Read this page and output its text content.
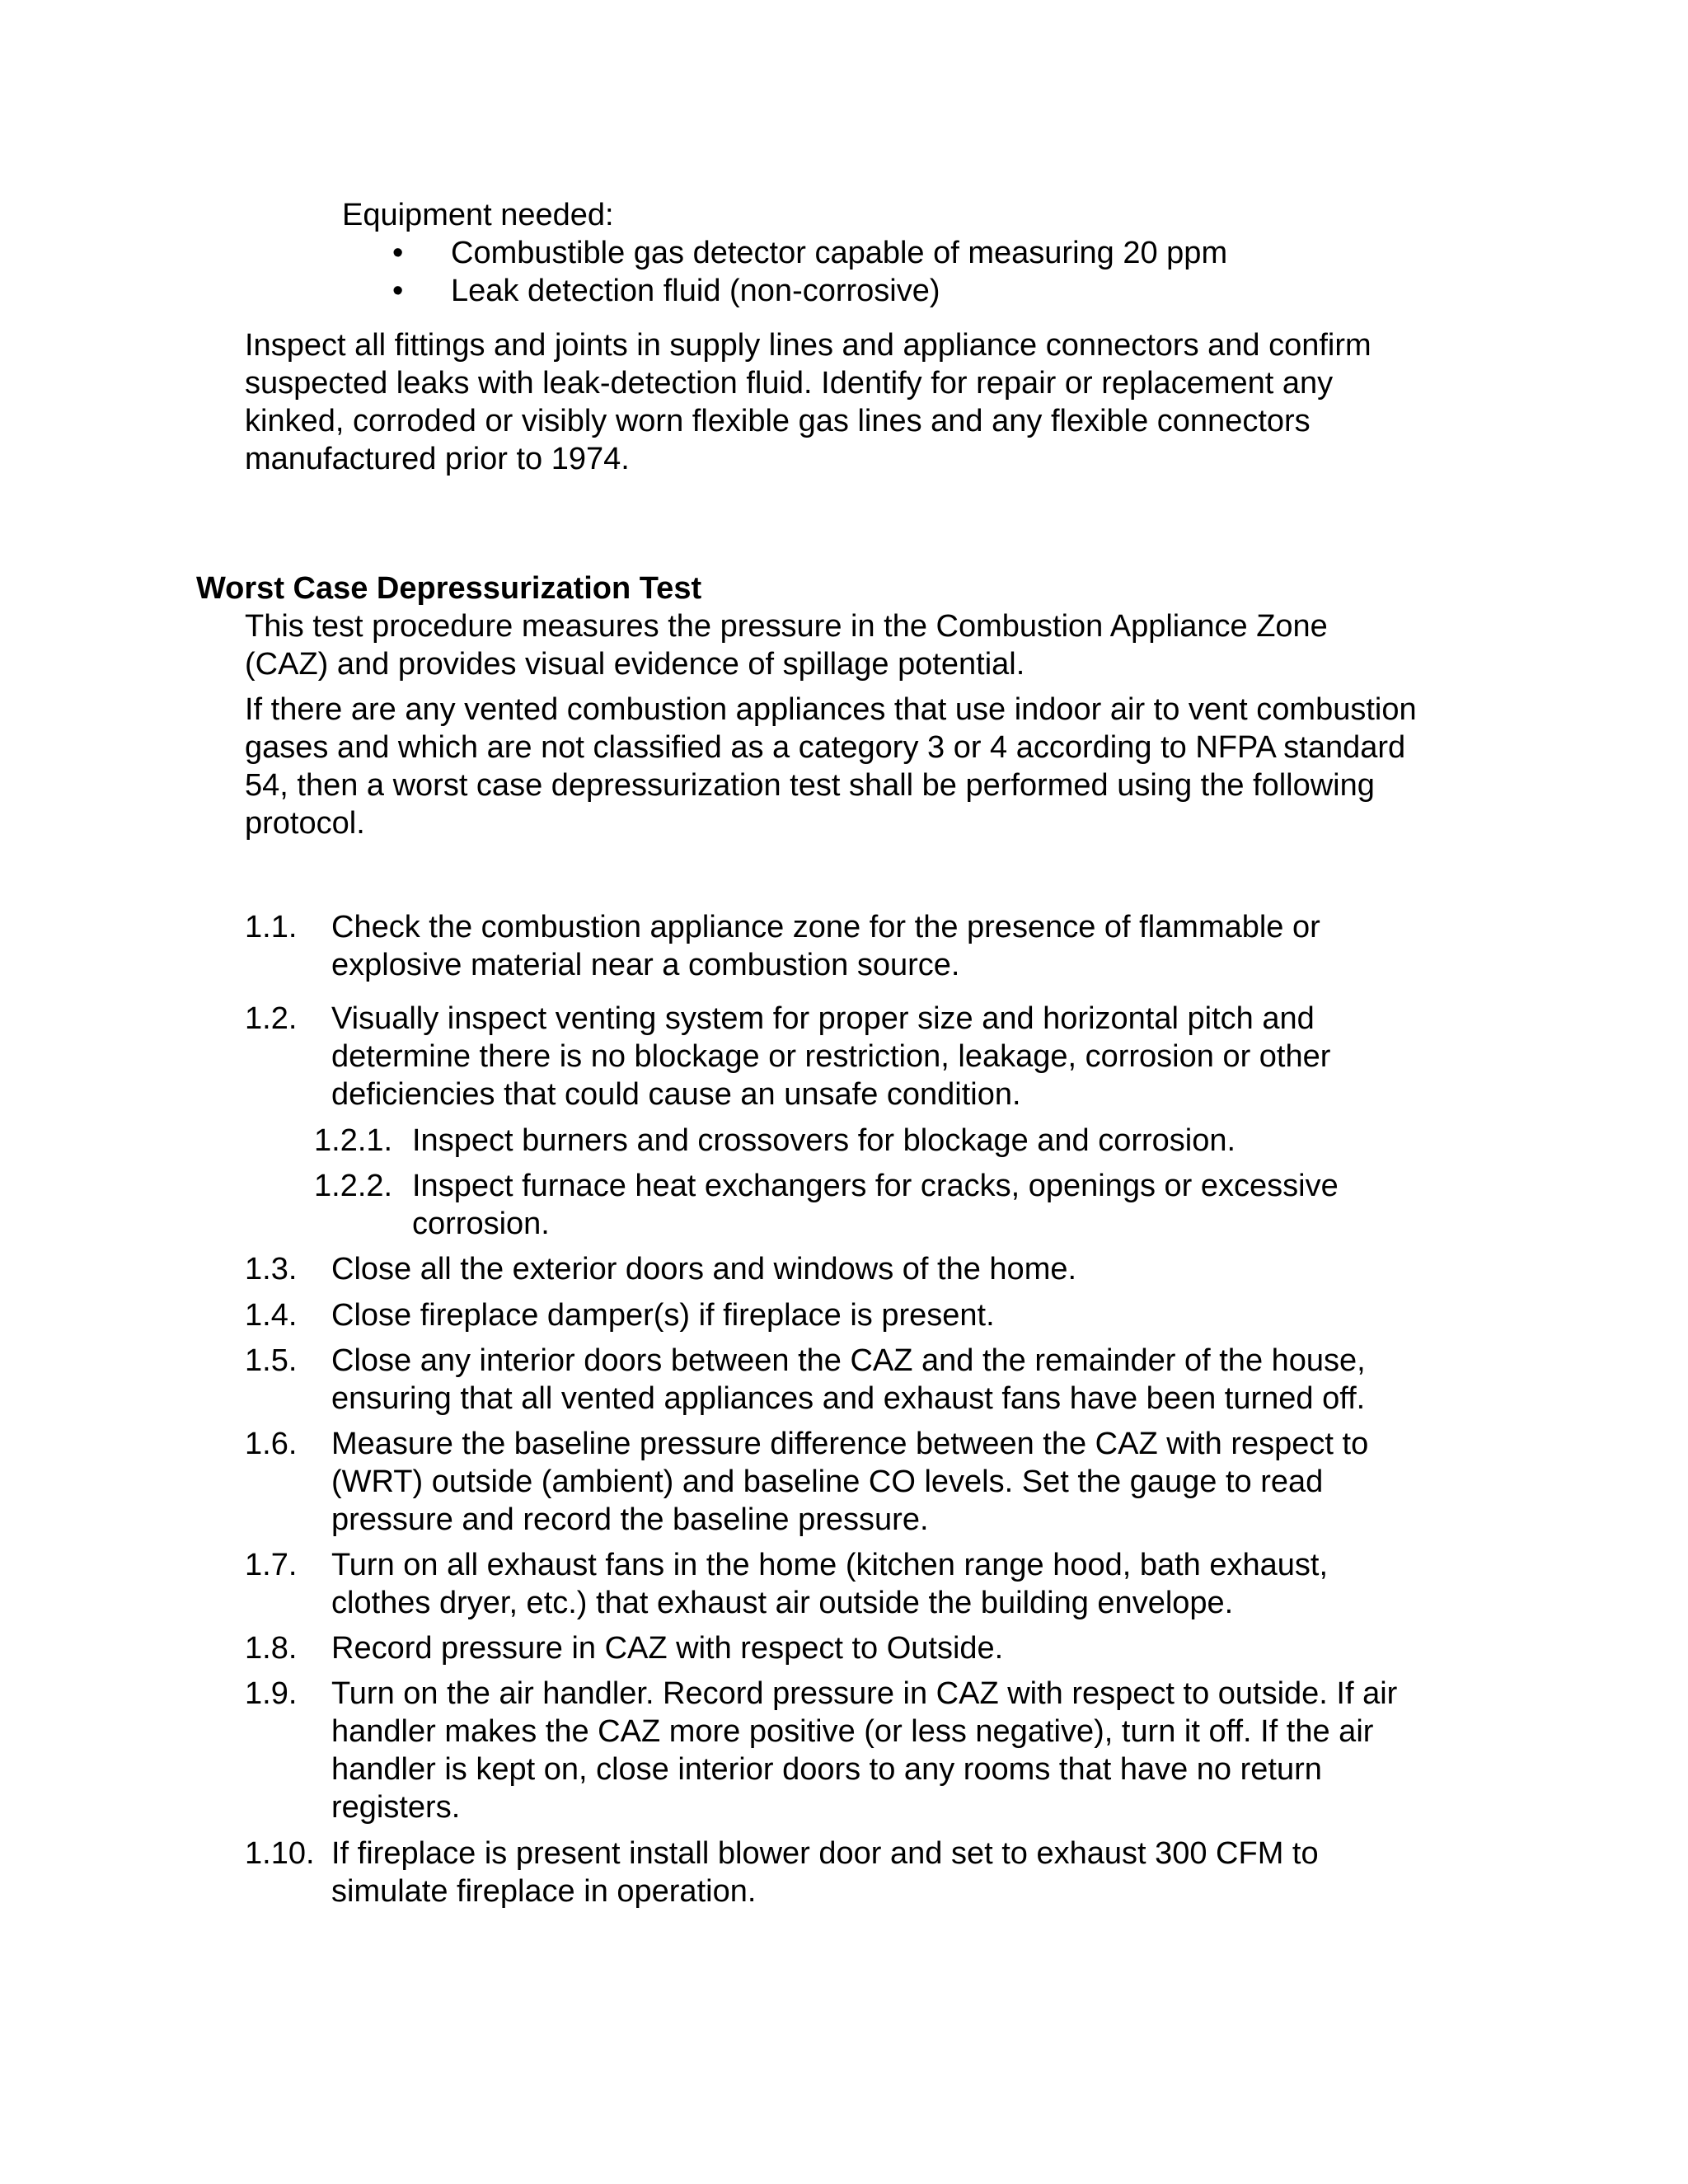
Equipment needed:
• Combustible gas detector capable of measuring 20 ppm
• Leak detection fluid (non-corrosive)
Inspect all fittings and joints in supply lines and appliance connectors and confirm
suspected leaks with leak-detection fluid. Identify for repair or replacement any
kinked, corroded or visibly worn flexible gas lines and any flexible connectors
manufactured prior to 1974.
Worst Case Depressurization Test
This test procedure measures the pressure in the Combustion Appliance Zone
(CAZ) and provides visual evidence of spillage potential.
If there are any vented combustion appliances that use indoor air to vent combustion
gases and which are not classified as a category 3 or 4 according to NFPA standard
54, then a worst case depressurization test shall be performed using the following
protocol.
1.1. Check the combustion appliance zone for the presence of flammable or
explosive material near a combustion source.
1.2. Visually inspect venting system for proper size and horizontal pitch and
determine there is no blockage or restriction, leakage, corrosion or other
deficiencies that could cause an unsafe condition.
1.2.1. Inspect burners and crossovers for blockage and corrosion.
1.2.2. Inspect furnace heat exchangers for cracks, openings or excessive
corrosion.
1.3. Close all the exterior doors and windows of the home.
1.4. Close fireplace damper(s) if fireplace is present.
1.5. Close any interior doors between the CAZ and the remainder of the house,
ensuring that all vented appliances and exhaust fans have been turned off.
1.6. Measure the baseline pressure difference between the CAZ with respect to
(WRT) outside (ambient) and baseline CO levels. Set the gauge to read
pressure and record the baseline pressure.
1.7. Turn on all exhaust fans in the home (kitchen range hood, bath exhaust,
clothes dryer, etc.) that exhaust air outside the building envelope.
1.8. Record pressure in CAZ with respect to Outside.
1.9. Turn on the air handler. Record pressure in CAZ with respect to outside. If air
handler makes the CAZ more positive (or less negative), turn it off. If the air
handler is kept on, close interior doors to any rooms that have no return
registers.
1.10. If fireplace is present install blower door and set to exhaust 300 CFM to
simulate fireplace in operation.
